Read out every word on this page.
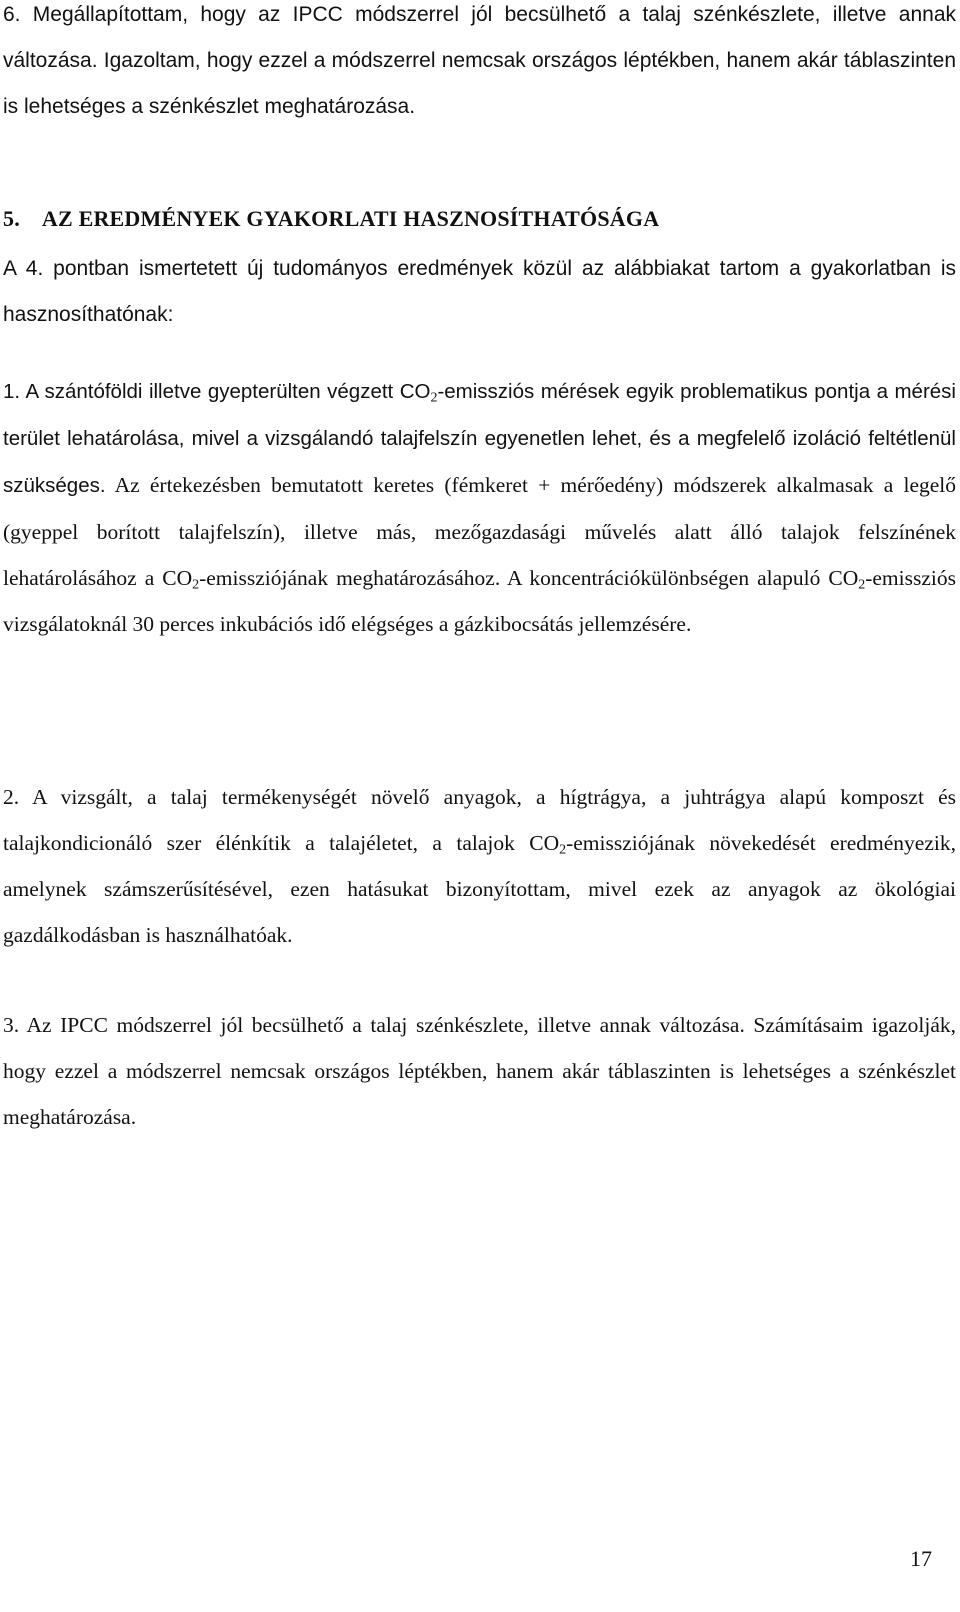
6. Megállapítottam, hogy az IPCC módszerrel jól becsülhető a talaj szénkészlete, illetve annak változása. Igazoltam, hogy ezzel a módszerrel nemcsak országos léptékben, hanem akár táblaszinten is lehetséges a szénkészlet meghatározása.

5. AZ EREDMÉNYEK GYAKORLATI HASZNOSÍTHATÓSÁGA

A 4. pontban ismertetett új tudományos eredmények közül az alábbiakat tartom a gyakorlatban is hasznosíthatónak:

1. A szántóföldi illetve gyepterülten végzett $CO_2$-emissziós mérések egyik problematikus pontja a mérési terület lehatárolása, mivel a vizsgálandó talajfelszín egyenetlen lehet, és a megfelelő izoláció feltétlenül szükséges. Az értekezésben bemutatott keretes (fémkeret + mérőedény) módszerek alkalmasak a legelő (gyeppel borított talajfelszín), illetve más, mezőgazdasági művelés alatt álló talajok felszínének lehatárolásához a $CO_2$-emissziójának meghatározásához. A koncentrációkülönbségen alapuló $CO_2$-emissziós vizsgálatoknál 30 perces inkubációs idő elégséges a gázkibocsátás jellemzésére.

2. A vizsgált, a talaj termékenységét növelő anyagok, a hígtrágya, a juhtrágya alapú komposzt és talajkondicionáló szer élénkítik a talajéletet, a talajok $CO_2$-emissziójának növekedését eredményezik, amelynek számszerűsítésével, ezen hatásukat bizonyítottam, mivel ezek az anyagok az ökológiai gazdálkodásban is használhatóak.

3. Az IPCC módszerrel jól becsülhető a talaj szénkészlete, illetve annak változása. Számításaim igazolják, hogy ezzel a módszerrel nemcsak országos léptékben, hanem akár táblaszinten is lehetséges a szénkészlet meghatározása.

17
